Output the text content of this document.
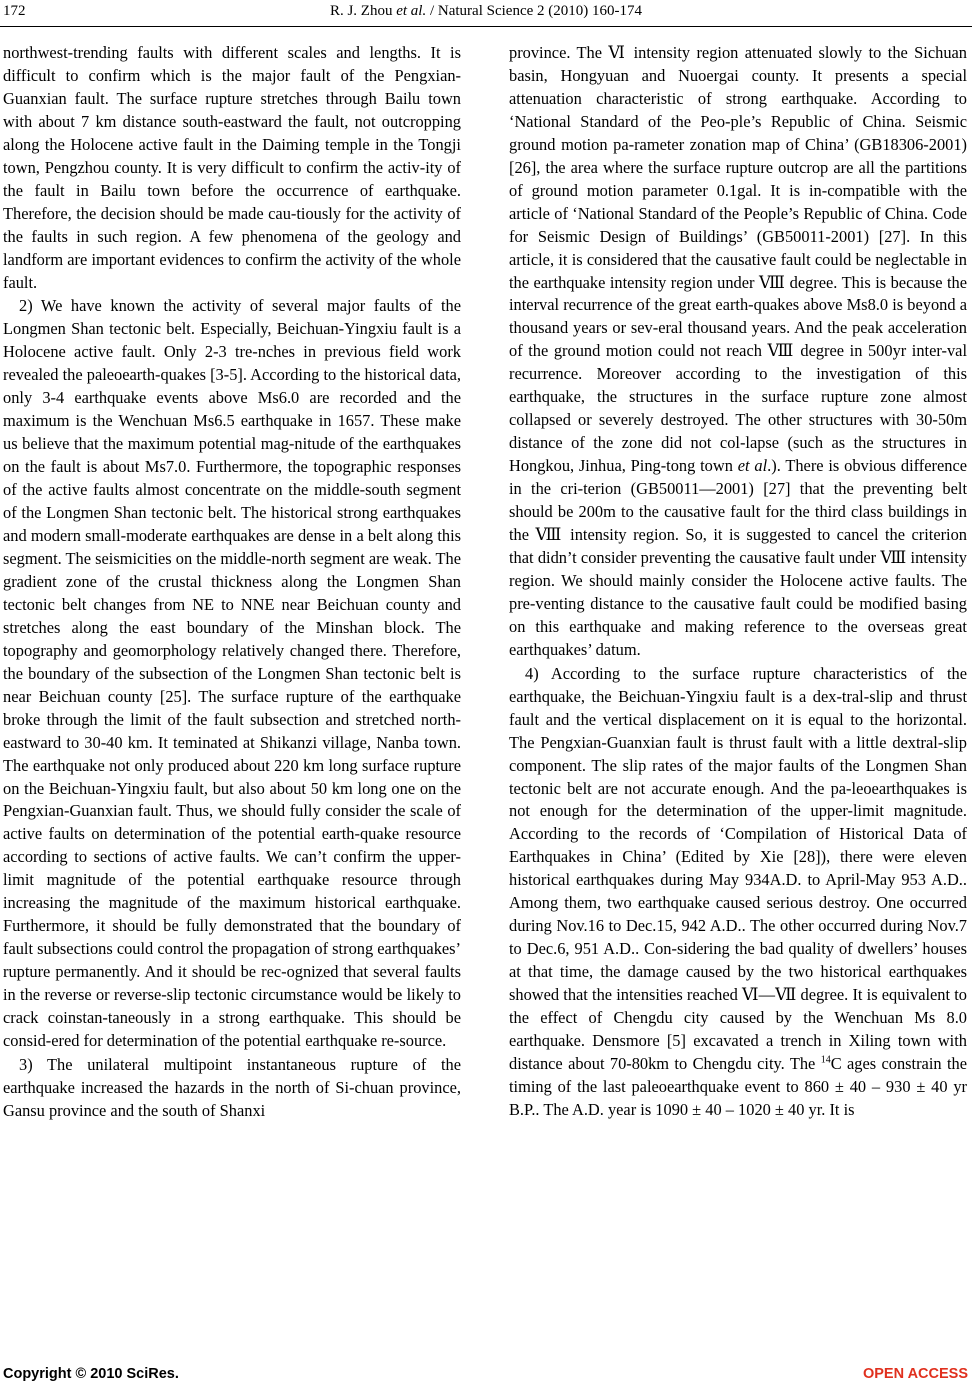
172	R. J. Zhou et al. / Natural Science 2 (2010) 160-174

northwest-trending faults with different scales and lengths. It is difficult to confirm which is the major fault of the Pengxian-Guanxian fault. The surface rupture stretches through Bailu town with about 7 km distance south-eastward the fault, not outcropping along the Holocene active fault in the Daiming temple in the Tongji town, Pengzhou county. It is very difficult to confirm the activ-ity of the fault in Bailu town before the occurrence of earthquake. Therefore, the decision should be made cau-tiously for the activity of the faults in such region. A few phenomena of the geology and landform are important evidences to confirm the activity of the whole fault.

2) We have known the activity of several major faults of the Longmen Shan tectonic belt. Especially, Beichuan-Yingxiu fault is a Holocene active fault. Only 2-3 tre-nches in previous field work revealed the paleoearth-quakes [3-5]. According to the historical data, only 3-4 earthquake events above Ms6.0 are recorded and the maximum is the Wenchuan Ms6.5 earthquake in 1657. These make us believe that the maximum potential mag-nitude of the earthquakes on the fault is about Ms7.0. Furthermore, the topographic responses of the active faults almost concentrate on the middle-south segment of the Longmen Shan tectonic belt. The historical strong earthquakes and modern small-moderate earthquakes are dense in a belt along this segment. The seismicities on the middle-north segment are weak. The gradient zone of the crustal thickness along the Longmen Shan tectonic belt changes from NE to NNE near Beichuan county and stretches along the east boundary of the Minshan block. The topography and geomorphology relatively changed there. Therefore, the boundary of the subsection of the Longmen Shan tectonic belt is near Beichuan county [25]. The surface rupture of the earthquake broke through the limit of the fault subsection and stretched north-eastward to 30-40 km. It teminated at Shikanzi village, Nanba town. The earthquake not only produced about 220 km long surface rupture on the Beichuan-Yingxiu fault, but also about 50 km long one on the Pengxian-Guanxian fault. Thus, we should fully consider the scale of active faults on determination of the potential earth-quake resource according to sections of active faults. We can’t confirm the upper-limit magnitude of the potential earthquake resource through increasing the magnitude of the maximum historical earthquake. Furthermore, it should be fully demonstrated that the boundary of fault subsections could control the propagation of strong earthquakes’ rupture permanently. And it should be rec-ognized that several faults in the reverse or reverse-slip tectonic circumstance would be likely to crack coinstan-taneously in a strong earthquake. This should be consid-ered for determination of the potential earthquake re-source.

3) The unilateral multipoint instantaneous rupture of the earthquake increased the hazards in the north of Si-chuan province, Gansu province and the south of Shanxi

province. The Ⅵ intensity region attenuated slowly to the Sichuan basin, Hongyuan and Nuoergai county. It presents a special attenuation characteristic of strong earthquake. According to ‘National Standard of the Peo-ple’s Republic of China. Seismic ground motion pa-rameter zonation map of China’ (GB18306-2001) [26], the area where the surface rupture outcrop are all the partitions of ground motion parameter 0.1gal. It is in-compatible with the article of ‘National Standard of the People’s Republic of China. Code for Seismic Design of Buildings’ (GB50011-2001) [27]. In this article, it is considered that the causative fault could be neglectable in the earthquake intensity region under Ⅷ degree. This is because the interval recurrence of the great earth-quakes above Ms8.0 is beyond a thousand years or sev-eral thousand years. And the peak acceleration of the ground motion could not reach Ⅷ degree in 500yr inter-val recurrence. Moreover according to the investigation of this earthquake, the structures in the surface rupture zone almost collapsed or severely destroyed. The other structures with 30-50m distance of the zone did not col-lapse (such as the structures in Hongkou, Jinhua, Ping-tong town et al.). There is obvious difference in the cri-terion (GB50011—2001) [27] that the preventing belt should be 200m to the causative fault for the third class buildings in the Ⅷ intensity region. So, it is suggested to cancel the criterion that didn’t consider preventing the causative fault under Ⅷ intensity region. We should mainly consider the Holocene active faults. The pre-venting distance to the causative fault could be modified basing on this earthquake and making reference to the overseas great earthquakes’ datum.

4) According to the surface rupture characteristics of the earthquake, the Beichuan-Yingxiu fault is a dex-tral-slip and thrust fault and the vertical displacement on it is equal to the horizontal. The Pengxian-Guanxian fault is thrust fault with a little dextral-slip component. The slip rates of the major faults of the Longmen Shan tectonic belt are not accurate enough. And the pa-leoearthquakes is not enough for the determination of the upper-limit magnitude. According to the records of ‘Compilation of Historical Data of Earthquakes in China’ (Edited by Xie [28]), there were eleven historical earthquakes during May 934A.D. to April-May 953 A.D.. Among them, two earthquake caused serious destroy. One occurred during Nov.16 to Dec.15, 942 A.D.. The other occurred during Nov.7 to Dec.6, 951 A.D.. Con-sidering the bad quality of dwellers’ houses at that time, the damage caused by the two historical earthquakes showed that the intensities reached Ⅵ—Ⅶ degree. It is equivalent to the effect of Chengdu city caused by the Wenchuan Ms 8.0 earthquake. Densmore [5] excavated a trench in Xiling town with distance about 70-80km to Chengdu city. The $^{14}$C ages constrain the timing of the last paleoearthquake event to 860 ± 40 – 930 ± 40 yr B.P.. The A.D. year is 1090 ± 40 – 1020 ± 40 yr. It is

Copyright © 2010 SciRes.	OPEN ACCESS
